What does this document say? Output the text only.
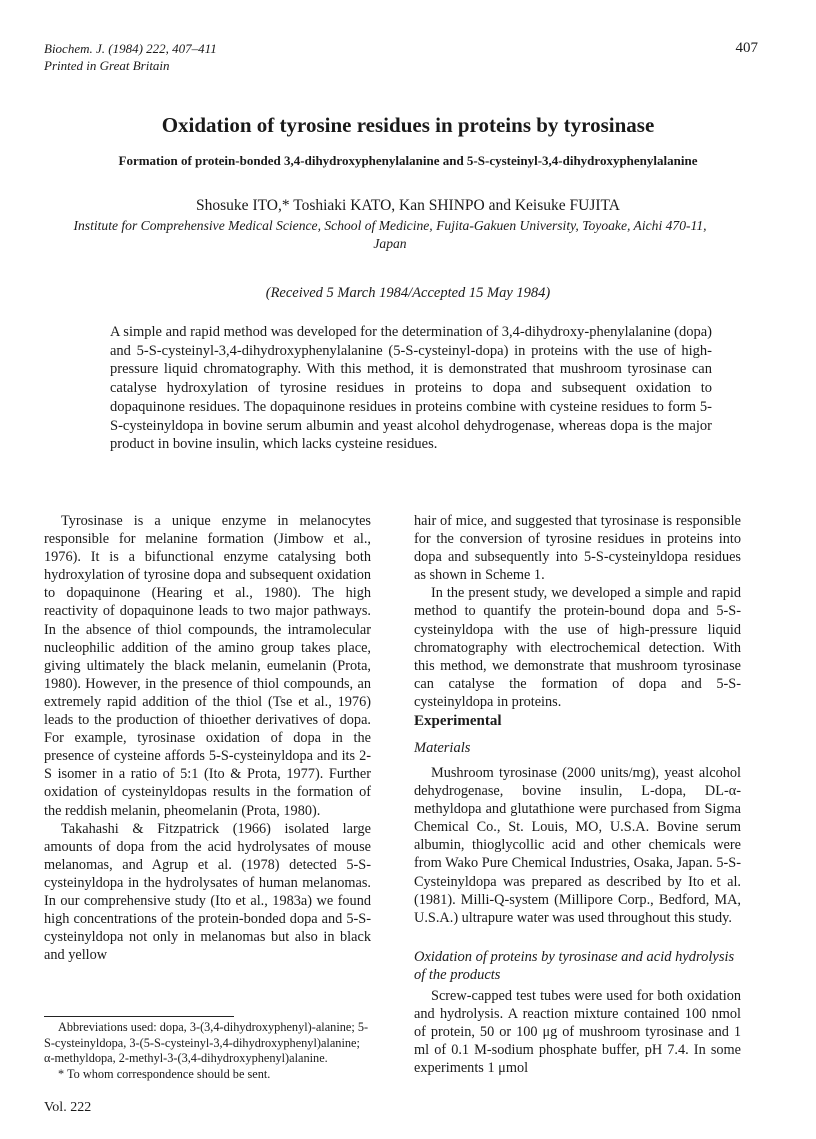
Biochem. J. (1984) 222, 407–411
Printed in Great Britain
407
Oxidation of tyrosine residues in proteins by tyrosinase
Formation of protein-bonded 3,4-dihydroxyphenylalanine and 5-S-cysteinyl-3,4-dihydroxyphenylalanine
Shosuke ITO,* Toshiaki KATO, Kan SHINPO and Keisuke FUJITA
Institute for Comprehensive Medical Science, School of Medicine, Fujita-Gakuen University, Toyoake, Aichi 470-11, Japan
(Received 5 March 1984/Accepted 15 May 1984)
A simple and rapid method was developed for the determination of 3,4-dihydroxy-phenylalanine (dopa) and 5-S-cysteinyl-3,4-dihydroxyphenylalanine (5-S-cysteinyl-dopa) in proteins with the use of high-pressure liquid chromatography. With this method, it is demonstrated that mushroom tyrosinase can catalyse hydroxylation of tyrosine residues in proteins to dopa and subsequent oxidation to dopaquinone residues. The dopaquinone residues in proteins combine with cysteine residues to form 5-S-cysteinyldopa in bovine serum albumin and yeast alcohol dehydrogenase, whereas dopa is the major product in bovine insulin, which lacks cysteine residues.

Tyrosinase is a unique enzyme in melanocytes responsible for melanine formation (Jimbow et al., 1976). It is a bifunctional enzyme catalysing both hydroxylation of tyrosine dopa and subsequent oxidation to dopaquinone (Hearing et al., 1980). The high reactivity of dopaquinone leads to two major pathways. In the absence of thiol compounds, the intramolecular nucleophilic addition of the amino group takes place, giving ultimately the black melanin, eumelanin (Prota, 1980). However, in the presence of thiol compounds, an extremely rapid addition of the thiol (Tse et al., 1976) leads to the production of thioether derivatives of dopa. For example, tyrosinase oxidation of dopa in the presence of cysteine affords 5-S-cysteinyldopa and its 2-S isomer in a ratio of 5:1 (Ito & Prota, 1977). Further oxidation of cysteinyldopas results in the formation of the reddish melanin, pheomelanin (Prota, 1980).

Takahashi & Fitzpatrick (1966) isolated large amounts of dopa from the acid hydrolysates of mouse melanomas, and Agrup et al. (1978) detected 5-S-cysteinyldopa in the hydrolysates of human melanomas. In our comprehensive study (Ito et al., 1983a) we found high concentrations of the protein-bonded dopa and 5-S-cysteinyldopa not only in melanomas but also in black and yellow

Abbreviations used: dopa, 3-(3,4-dihydroxyphenyl)-alanine; 5-S-cysteinyldopa, 3-(5-S-cysteinyl-3,4-dihydroxyphenyl)alanine; α-methyldopa, 2-methyl-3-(3,4-dihydroxyphenyl)alanine.

* To whom correspondence should be sent.

Vol. 222
hair of mice, and suggested that tyrosinase is responsible for the conversion of tyrosine residues in proteins into dopa and subsequently into 5-S-cysteinyldopa residues as shown in Scheme 1.

In the present study, we developed a simple and rapid method to quantify the protein-bound dopa and 5-S-cysteinyldopa with the use of high-pressure liquid chromatography with electrochemical detection. With this method, we demonstrate that mushroom tyrosinase can catalyse the formation of dopa and 5-S-cysteinyldopa in proteins.

Experimental
Materials

Mushroom tyrosinase (2000 units/mg), yeast alcohol dehydrogenase, bovine insulin, L-dopa, DL-α-methyldopa and glutathione were purchased from Sigma Chemical Co., St. Louis, MO, U.S.A. Bovine serum albumin, thioglycollic acid and other chemicals were from Wako Pure Chemical Industries, Osaka, Japan. 5-S-Cysteinyldopa was prepared as described by Ito et al. (1981). Milli-Q-system (Millipore Corp., Bedford, MA, U.S.A.) ultrapure water was used throughout this study.

Oxidation of proteins by tyrosinase and acid hydrolysis of the products

Screw-capped test tubes were used for both oxidation and hydrolysis. A reaction mixture contained 100 nmol of protein, 50 or 100 μg of mushroom tyrosinase and 1 ml of 0.1 M-sodium phosphate buffer, pH 7.4. In some experiments 1 μmol
